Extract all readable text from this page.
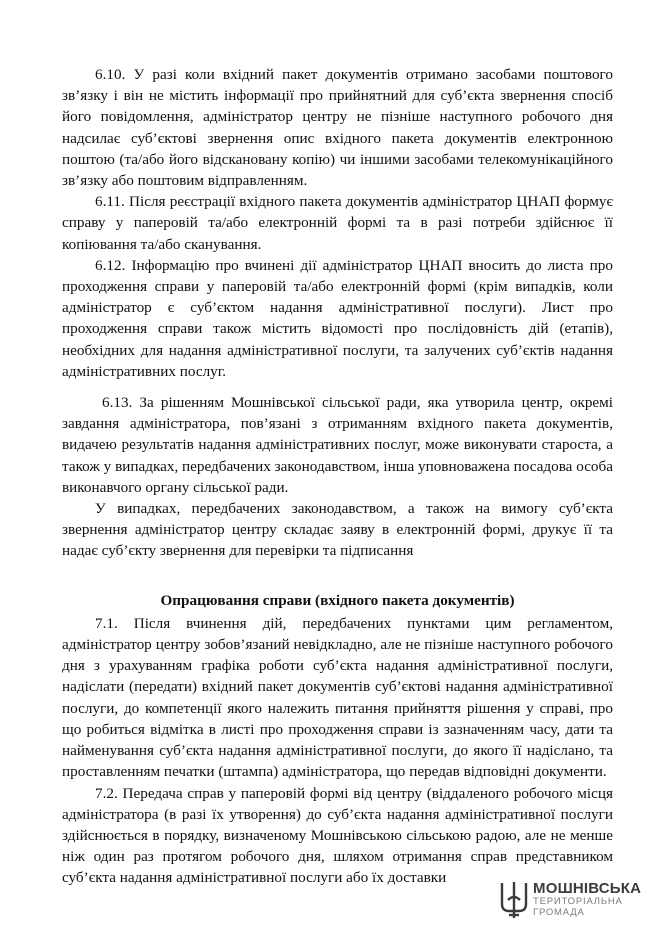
6.10. У разі коли вхідний пакет документів отримано засобами поштового зв’язку і він не містить інформації про прийнятний для суб’єкта звернення спосіб його повідомлення, адміністратор центру не пізніше наступного робочого дня надсилає суб’єктові звернення опис вхідного пакета документів електронною поштою (та/або його відскановану копію) чи іншими засобами телекомунікаційного зв’язку або поштовим відправленням.

6.11. Після реєстрації вхідного пакета документів адміністратор ЦНАП формує справу у паперовій та/або електронній формі та в разі потреби здійснює її копіювання та/або сканування.

6.12. Інформацію про вчинені дії адміністратор ЦНАП вносить до листа про проходження справи у паперовій та/або електронній формі (крім випадків, коли адміністратор є суб’єктом надання адміністративної послуги). Лист про проходження справи також містить відомості про послідовність дій (етапів), необхідних для надання адміністративної послуги, та залучених суб’єктів надання адміністративних послуг.

6.13. За рішенням Мошнівської сільської ради, яка утворила центр, окремі завдання адміністратора, пов’язані з отриманням вхідного пакета документів, видачею результатів надання адміністративних послуг, може виконувати староста, а також у випадках, передбачених законодавством, інша уповноважена посадова особа виконавчого органу сільської ради.

У випадках, передбачених законодавством, а також на вимогу суб’єкта звернення адміністратор центру складає заяву в електронній формі, друкує її та надає суб’єкту звернення для перевірки та підписання

Опрацювання справи (вхідного пакета документів)

7.1. Після вчинення дій, передбачених пунктами цим регламентом, адміністратор центру зобов’язаний невідкладно, але не пізніше наступного робочого дня з урахуванням графіка роботи суб’єкта надання адміністративної послуги, надіслати (передати) вхідний пакет документів суб’єктові надання адміністративної послуги, до компетенції якого належить питання прийняття рішення у справі, про що робиться відмітка в листі про проходження справи із зазначенням часу, дати та найменування суб’єкта надання адміністративної послуги, до якого її надіслано, та проставленням печатки (штампа) адміністратора, що передав відповідні документи.

7.2. Передача справ у паперовій формі від центру (віддаленого робочого місця адміністратора (в разі їх утворення) до суб’єкта надання адміністративної послуги здійснюється в порядку, визначеному Мошнівською сільською радою, але не менше ніж один раз протягом робочого дня, шляхом отримання справ представником суб’єкта надання адміністративної послуги або їх доставки

МОШНІВСЬКА
ТЕРИТОРІАЛЬНА
ГРОМАДА
